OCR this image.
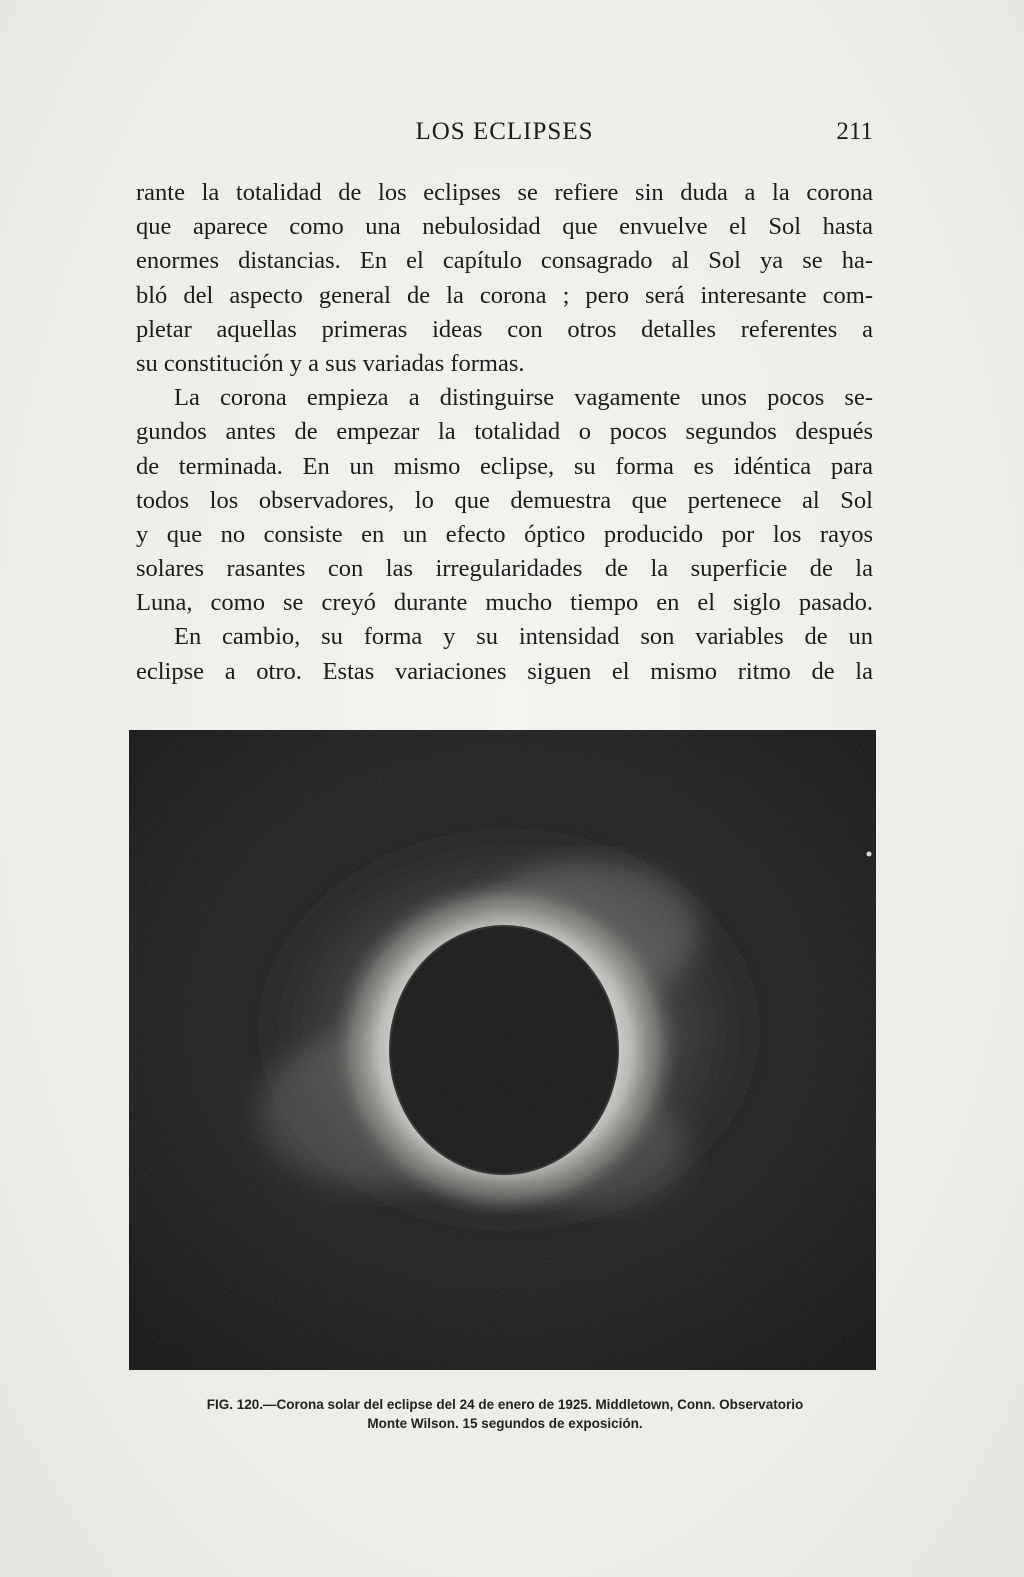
LOS ECLIPSES	211
rante la totalidad de los eclipses se refiere sin duda a la corona
que aparece como una nebulosidad que envuelve el Sol hasta
enormes distancias. En el capítulo consagrado al Sol ya se ha-
bló del aspecto general de la corona ; pero será interesante com-
pletar aquellas primeras ideas con otros detalles referentes a
su constitución y a sus variadas formas.
La corona empieza a distinguirse vagamente unos pocos se-
gundos antes de empezar la totalidad o pocos segundos después
de terminada. En un mismo eclipse, su forma es idéntica para
todos los observadores, lo que demuestra que pertenece al Sol
y que no consiste en un efecto óptico producido por los rayos
solares rasantes con las irregularidades de la superficie de la
Luna, como se creyó durante mucho tiempo en el siglo pasado.
En cambio, su forma y su intensidad son variables de un
eclipse a otro. Estas variaciones siguen el mismo ritmo de la
FIG. 120.—Corona solar del eclipse del 24 de enero de 1925. Middletown, Conn. Observatorio
Monte Wilson. 15 segundos de exposición.
